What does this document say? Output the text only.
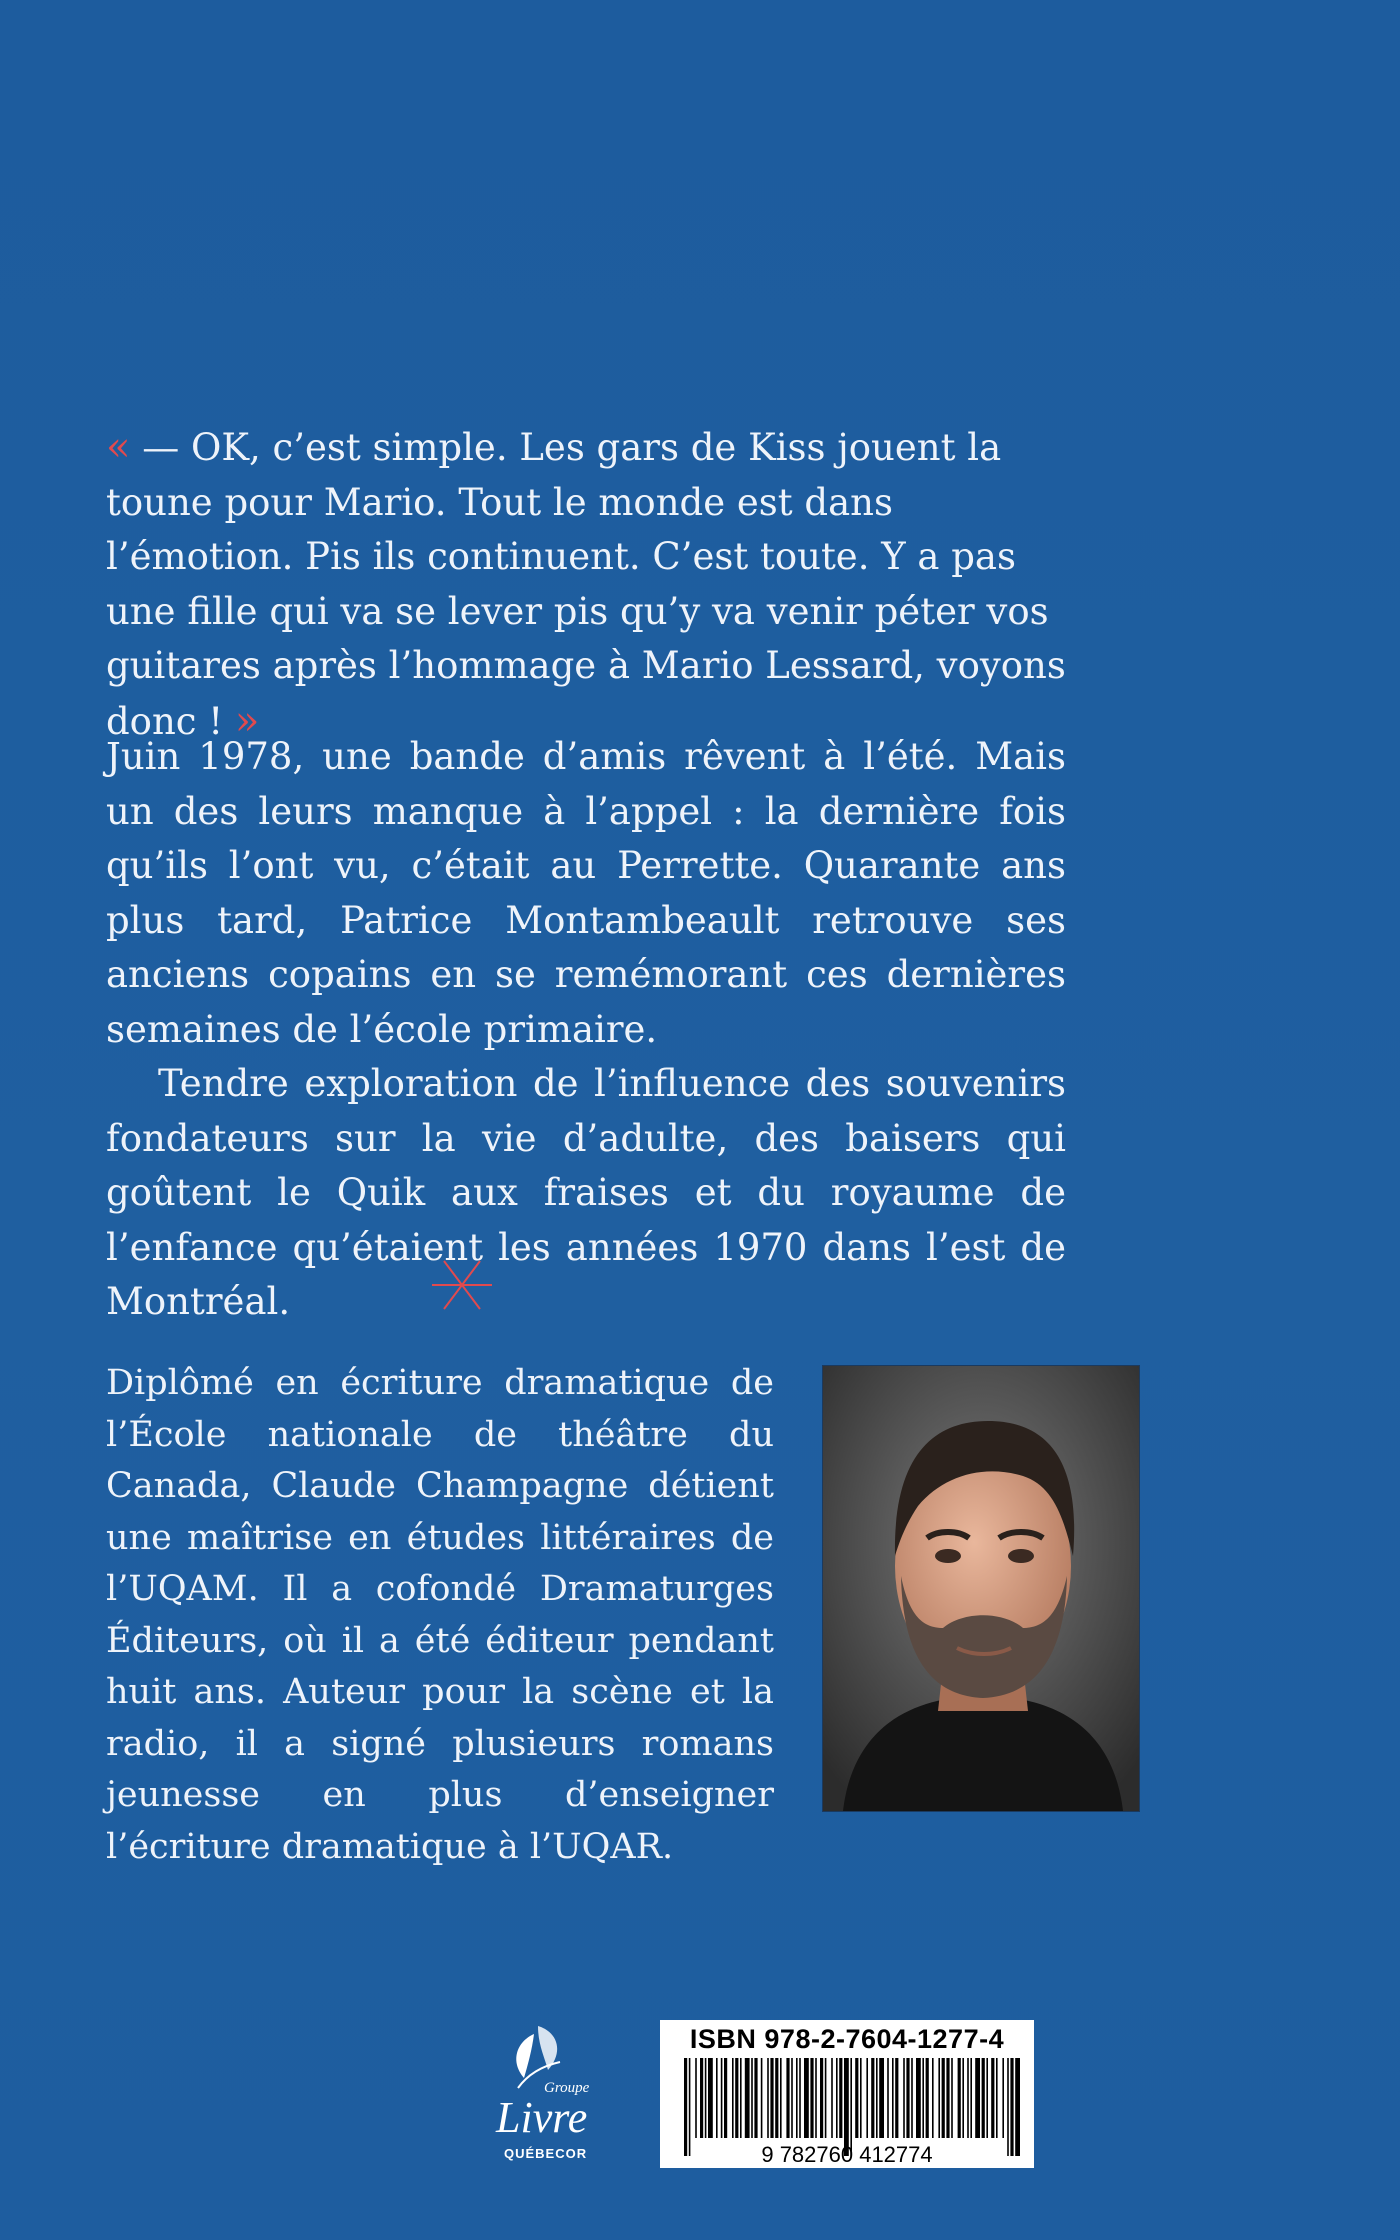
« — OK, c’est simple. Les gars de Kiss jouent la toune pour Mario. Tout le monde est dans l’émotion. Pis ils continuent. C’est toute. Y a pas une fille qui va se lever pis qu’y va venir péter vos guitares après l’hommage à Mario Lessard, voyons donc ! »

Juin 1978, une bande d’amis rêvent à l’été. Mais un des leurs manque à l’appel : la dernière fois qu’ils l’ont vu, c’était au Perrette. Quarante ans plus tard, Patrice Montambeault retrouve ses anciens copains en se remémorant ces dernières semaines de l’école primaire.

Tendre exploration de l’influence des souvenirs fondateurs sur la vie d’adulte, des baisers qui goûtent le Quik aux fraises et du royaume de l’enfance qu’étaient les années 1970 dans l’est de Montréal.

Diplômé en écriture dramatique de l’École nationale de théâtre du Canada, Claude Champagne détient une maîtrise en études littéraires de l’UQAM. Il a cofondé Dramaturges Éditeurs, où il a été éditeur pendant huit ans. Auteur pour la scène et la radio, il a signé plusieurs romans jeunesse en plus d’enseigner l’écriture dramatique à l’UQAR.

Groupe
Livre
QUÉBECOR
ISBN 978-2-7604-1277-4
9 782760 412774
